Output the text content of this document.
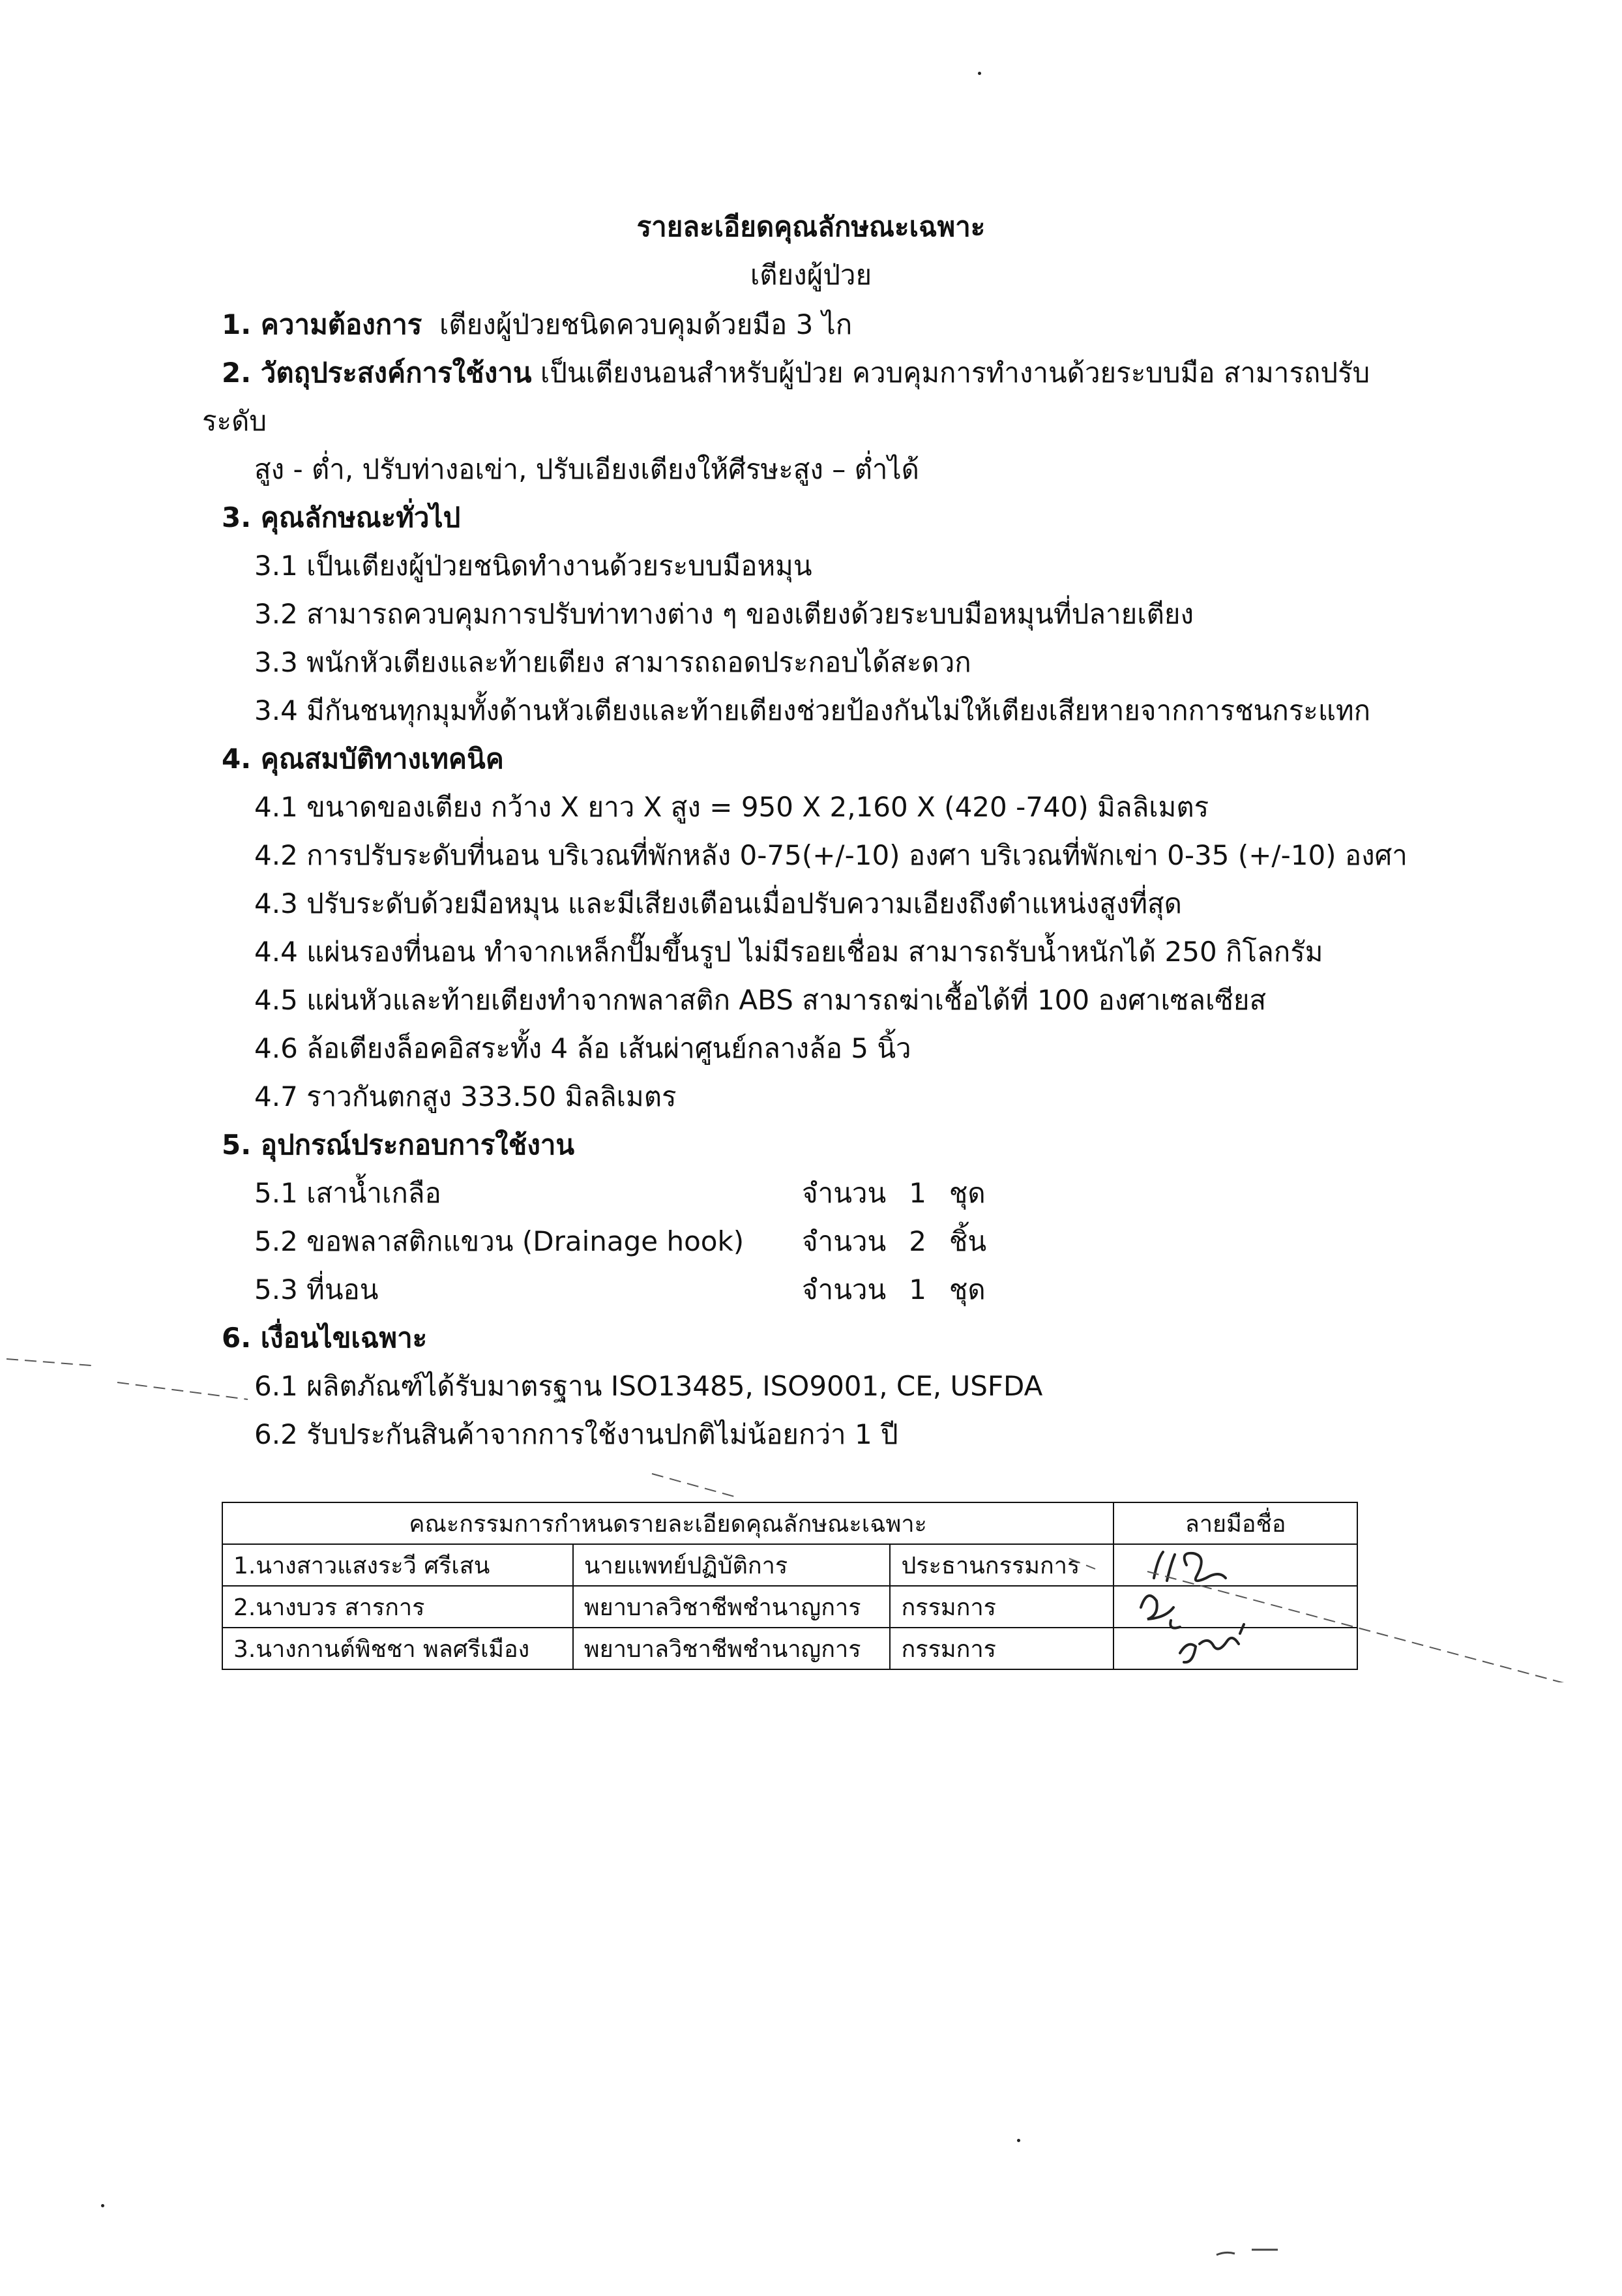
รายละเอียดคุณลักษณะเฉพาะ
เตียงผู้ป่วย
1. ความต้องการ เตียงผู้ป่วยชนิดควบคุมด้วยมือ 3 ไก
2. วัตถุประสงค์การใช้งาน เป็นเตียงนอนสำหรับผู้ป่วย ควบคุมการทำงานด้วยระบบมือ สามารถปรับ
ระดับ
สูง - ต่ำ, ปรับท่างอเข่า, ปรับเอียงเตียงให้ศีรษะสูง – ต่ำได้
3. คุณลักษณะทั่วไป
3.1 เป็นเตียงผู้ป่วยชนิดทำงานด้วยระบบมือหมุน
3.2 สามารถควบคุมการปรับท่าทางต่าง ๆ ของเตียงด้วยระบบมือหมุนที่ปลายเตียง
3.3 พนักหัวเตียงและท้ายเตียง สามารถถอดประกอบได้สะดวก
3.4 มีกันชนทุกมุมทั้งด้านหัวเตียงและท้ายเตียงช่วยป้องกันไม่ให้เตียงเสียหายจากการชนกระแทก
4. คุณสมบัติทางเทคนิค
4.1 ขนาดของเตียง กว้าง X ยาว X สูง = 950 X 2,160 X (420 -740) มิลลิเมตร
4.2 การปรับระดับที่นอน บริเวณที่พักหลัง 0-75(+/-10) องศา บริเวณที่พักเข่า 0-35 (+/-10) องศา
4.3 ปรับระดับด้วยมือหมุน และมีเสียงเตือนเมื่อปรับความเอียงถึงตำแหน่งสูงที่สุด
4.4 แผ่นรองที่นอน ทำจากเหล็กปั๊มขึ้นรูป ไม่มีรอยเชื่อม สามารถรับน้ำหนักได้ 250 กิโลกรัม
4.5 แผ่นหัวและท้ายเตียงทำจากพลาสติก ABS สามารถฆ่าเชื้อได้ที่ 100 องศาเซลเซียส
4.6 ล้อเตียงล็อคอิสระทั้ง 4 ล้อ เส้นผ่าศูนย์กลางล้อ 5 นิ้ว
4.7 ราวกันตกสูง 333.50 มิลลิเมตร
5. อุปกรณ์ประกอบการใช้งาน
5.1 เสาน้ำเกลือ	จำนวน 1 ชุด
5.2 ขอพลาสติกแขวน (Drainage hook) จำนวน 2 ชิ้น
5.3 ที่นอน	จำนวน 1 ชุด
6. เงื่อนไขเฉพาะ
6.1 ผลิตภัณฑ์ได้รับมาตรฐาน ISO13485, ISO9001, CE, USFDA
6.2 รับประกันสินค้าจากการใช้งานปกติไม่น้อยกว่า 1 ปี
คณะกรรมการกำหนดรายละเอียดคุณลักษณะเฉพาะ			ลายมือชื่อ
1.นางสาวแสงระวี ศรีเสน	นายแพทย์ปฏิบัติการ	ประธานกรรมการ	
2.นางบวร สารการ	พยาบาลวิชาชีพชำนาญการ	กรรมการ	
3.นางกานต์พิชชา พลศรีเมือง	พยาบาลวิชาชีพชำนาญการ	กรรมการ	
